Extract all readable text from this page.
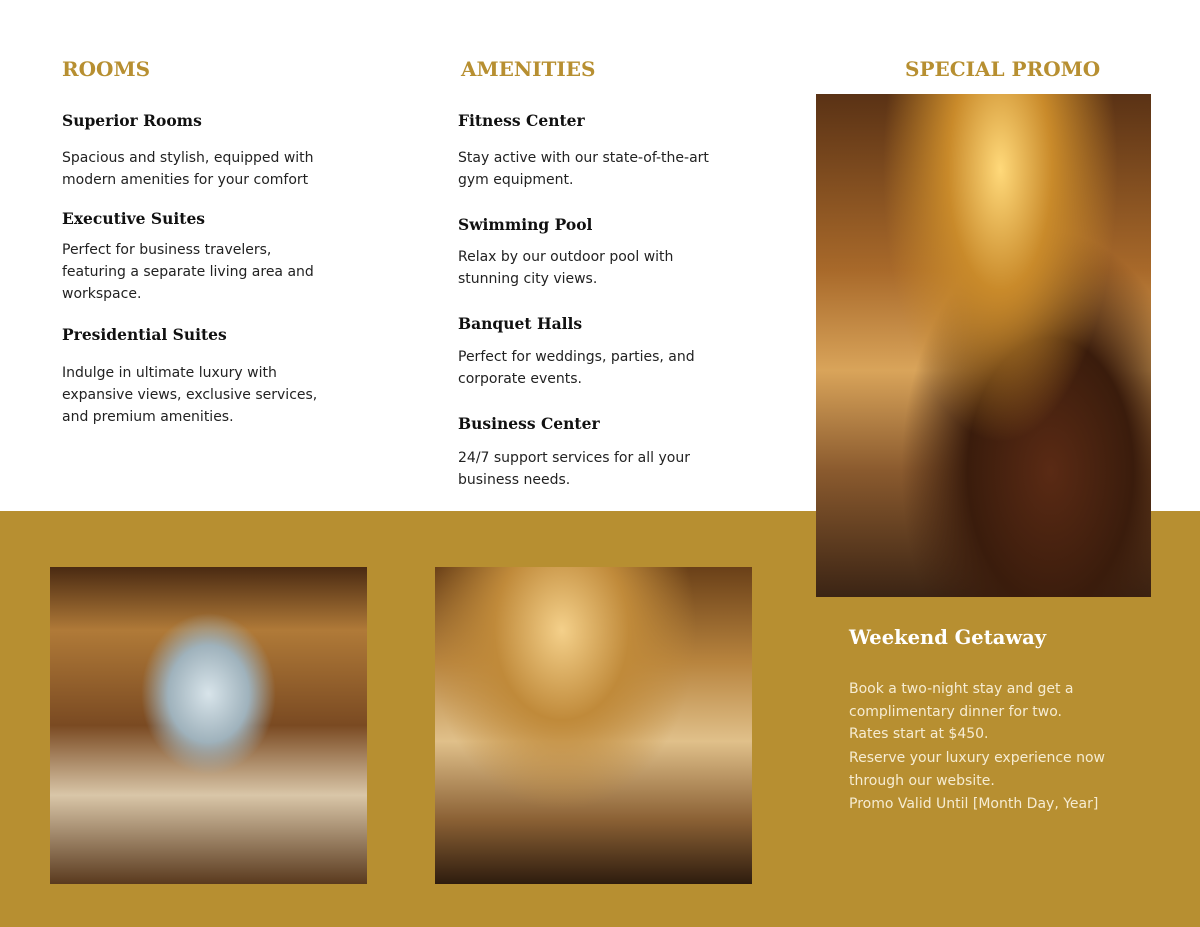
ROOMS
Superior Rooms
Spacious and stylish, equipped with modern amenities for your comfort
Executive Suites
Perfect for business travelers, featuring a separate living area and workspace.
Presidential Suites
Indulge in ultimate luxury with expansive views, exclusive services, and premium amenities.
AMENITIES
Fitness Center
Stay active with our state-of-the-art gym equipment.
Swimming Pool
Relax by our outdoor pool with stunning city views.
Banquet Halls
Perfect for weddings, parties, and corporate events.
Business Center
24/7 support services for all your business needs.
SPECIAL PROMO
Weekend Getaway
Book a two-night stay and get a complimentary dinner for two.
Rates start at $450.
Reserve your luxury experience now through our website.
Promo Valid Until [Month Day, Year]
